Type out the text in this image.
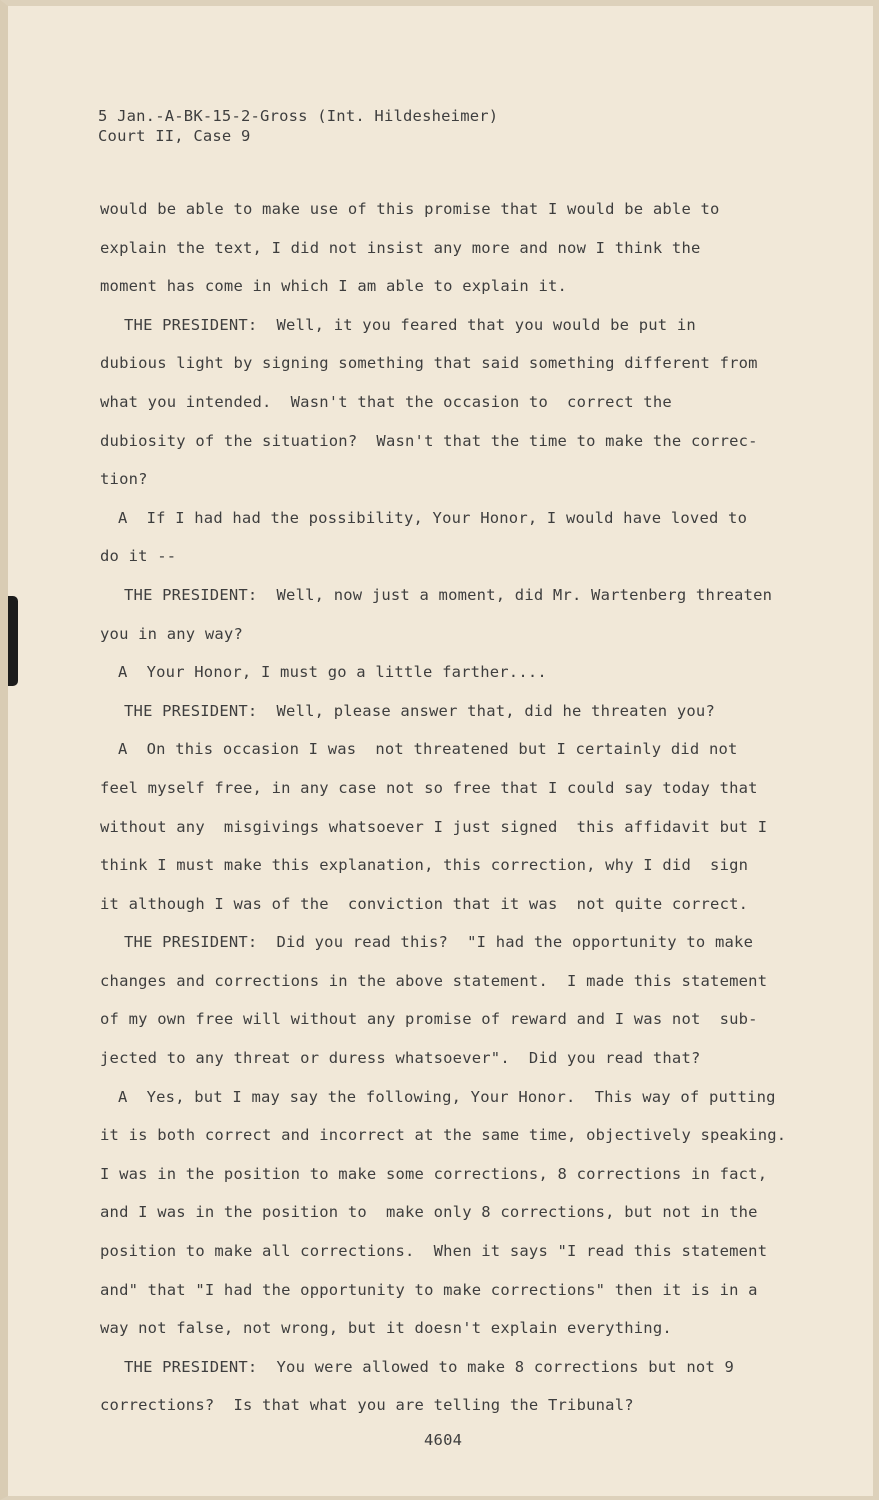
5 Jan.-A-BK-15-2-Gross (Int. Hildesheimer)
Court II, Case 9
would be able to make use of this promise that I would be able to
explain the text, I did not insist any more and now I think the
moment has come in which I am able to explain it.
THE PRESIDENT:  Well, it you feared that you would be put in
dubious light by signing something that said something different from
what you intended.  Wasn't that the occasion to  correct the
dubiosity of the situation?  Wasn't that the time to make the correc-
tion?
A  If I had had the possibility, Your Honor, I would have loved to
do it --
THE PRESIDENT:  Well, now just a moment, did Mr. Wartenberg threaten
you in any way?
A  Your Honor, I must go a little farther....
THE PRESIDENT:  Well, please answer that, did he threaten you?
A  On this occasion I was  not threatened but I certainly did not
feel myself free, in any case not so free that I could say today that
without any  misgivings whatsoever I just signed  this affidavit but I
think I must make this explanation, this correction, why I did  sign
it although I was of the  conviction that it was  not quite correct.
THE PRESIDENT:  Did you read this?  "I had the opportunity to make
changes and corrections in the above statement.  I made this statement
of my own free will without any promise of reward and I was not  sub-
jected to any threat or duress whatsoever".  Did you read that?
A  Yes, but I may say the following, Your Honor.  This way of putting
it is both correct and incorrect at the same time, objectively speaking.
I was in the position to make some corrections, 8 corrections in fact,
and I was in the position to  make only 8 corrections, but not in the
position to make all corrections.  When it says "I read this statement
and" that "I had the opportunity to make corrections" then it is in a
way not false, not wrong, but it doesn't explain everything.
THE PRESIDENT:  You were allowed to make 8 corrections but not 9
corrections?  Is that what you are telling the Tribunal?
4604
